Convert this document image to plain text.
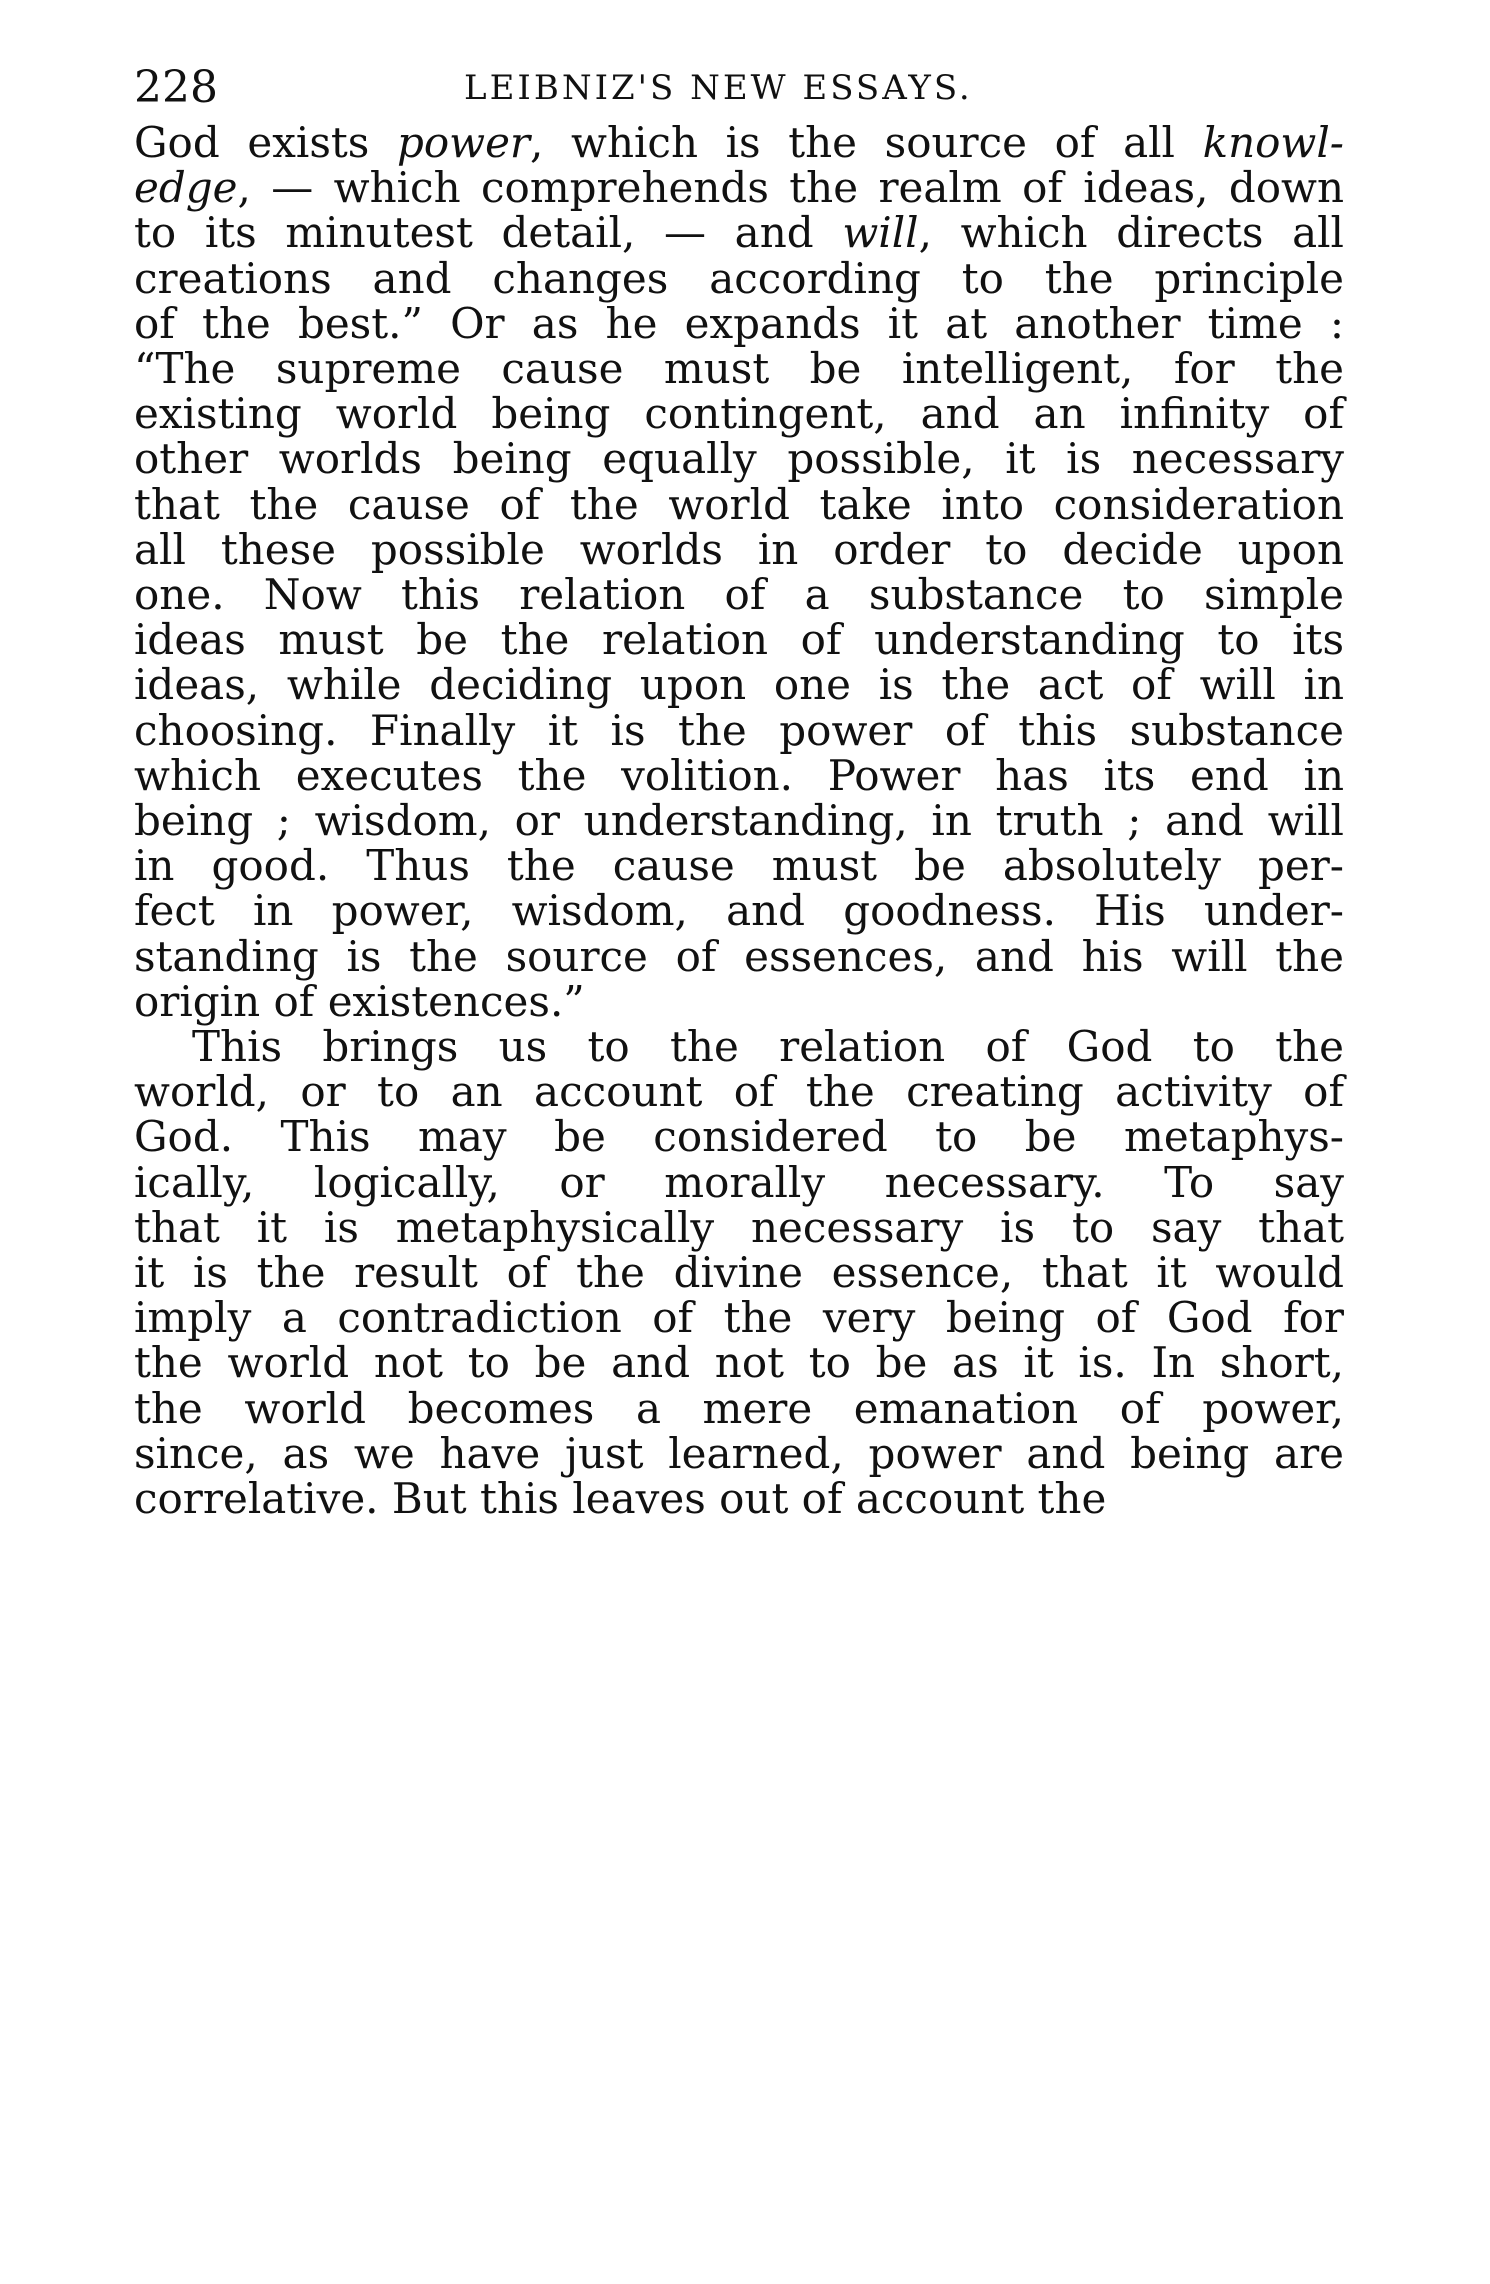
228	LEIBNIZ'S NEW ESSAYS.
God exists power, which is the source of all knowl-
edge, — which comprehends the realm of ideas, down
to its minutest detail, — and will, which directs all
creations and changes according to the principle
of the best.” Or as he expands it at another time :
“The supreme cause must be intelligent, for the
existing world being contingent, and an infinity of
other worlds being equally possible, it is necessary
that the cause of the world take into consideration
all these possible worlds in order to decide upon
one. Now this relation of a substance to simple
ideas must be the relation of understanding to its
ideas, while deciding upon one is the act of will in
choosing. Finally it is the power of this substance
which executes the volition. Power has its end in
being ; wisdom, or understanding, in truth ; and will
in good. Thus the cause must be absolutely per-
fect in power, wisdom, and goodness. His under-
standing is the source of essences, and his will the
origin of existences.”
This brings us to the relation of God to the
world, or to an account of the creating activity of
God. This may be considered to be metaphys-
ically, logically, or morally necessary. To say
that it is metaphysically necessary is to say that
it is the result of the divine essence, that it would
imply a contradiction of the very being of God for
the world not to be and not to be as it is. In short,
the world becomes a mere emanation of power,
since, as we have just learned, power and being are
correlative. But this leaves out of account the
